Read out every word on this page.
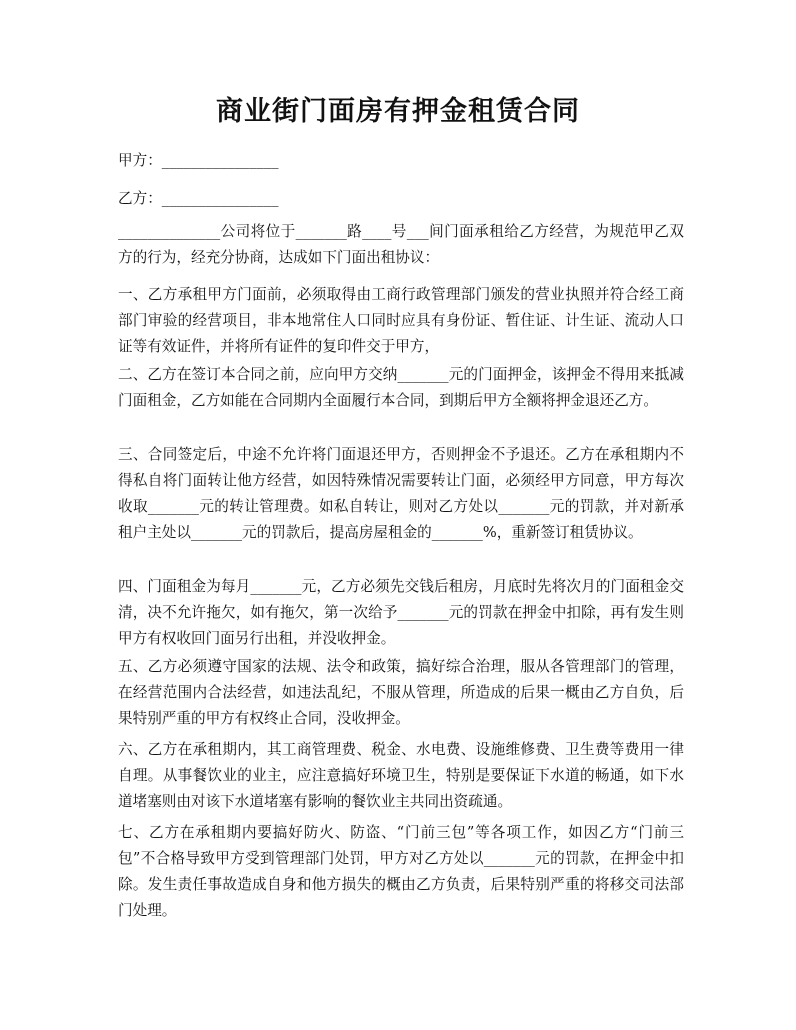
商业街门面房有押金租赁合同
甲方：________________
乙方：________________

______________公司将位于_______路____号___间门面承租给乙方经营，为规范甲乙双方的行为，经充分协商，达成如下门面出租协议：

一、乙方承租甲方门面前，必须取得由工商行政管理部门颁发的营业执照并符合经工商部门审验的经营项目，非本地常住人口同时应具有身份证、暂住证、计生证、流动人口证等有效证件，并将所有证件的复印件交于甲方，

二、乙方在签订本合同之前，应向甲方交纳_______元的门面押金，该押金不得用来抵减门面租金，乙方如能在合同期内全面履行本合同，到期后甲方全额将押金退还乙方。

三、合同签定后，中途不允许将门面退还甲方，否则押金不予退还。乙方在承租期内不得私自将门面转让他方经营，如因特殊情况需要转让门面，必须经甲方同意，甲方每次收取_______元的转让管理费。如私自转让，则对乙方处以_______元的罚款，并对新承租户主处以_______元的罚款后，提高房屋租金的_______%，重新签订租赁协议。

四、门面租金为每月_______元，乙方必须先交钱后租房，月底时先将次月的门面租金交清，决不允许拖欠，如有拖欠，第一次给予_______元的罚款在押金中扣除，再有发生则甲方有权收回门面另行出租，并没收押金。

五、乙方必须遵守国家的法规、法令和政策，搞好综合治理，服从各管理部门的管理，在经营范围内合法经营，如违法乱纪，不服从管理，所造成的后果一概由乙方自负，后果特别严重的甲方有权终止合同，没收押金。

六、乙方在承租期内，其工商管理费、税金、水电费、设施维修费、卫生费等费用一律自理。从事餐饮业的业主，应注意搞好环境卫生，特别是要保证下水道的畅通，如下水道堵塞则由对该下水道堵塞有影响的餐饮业主共同出资疏通。

七、乙方在承租期内要搞好防火、防盗、“门前三包”等各项工作，如因乙方“门前三包”不合格导致甲方受到管理部门处罚，甲方对乙方处以_______元的罚款，在押金中扣除。发生责任事故造成自身和他方损失的概由乙方负责，后果特别严重的将移交司法部门处理。
